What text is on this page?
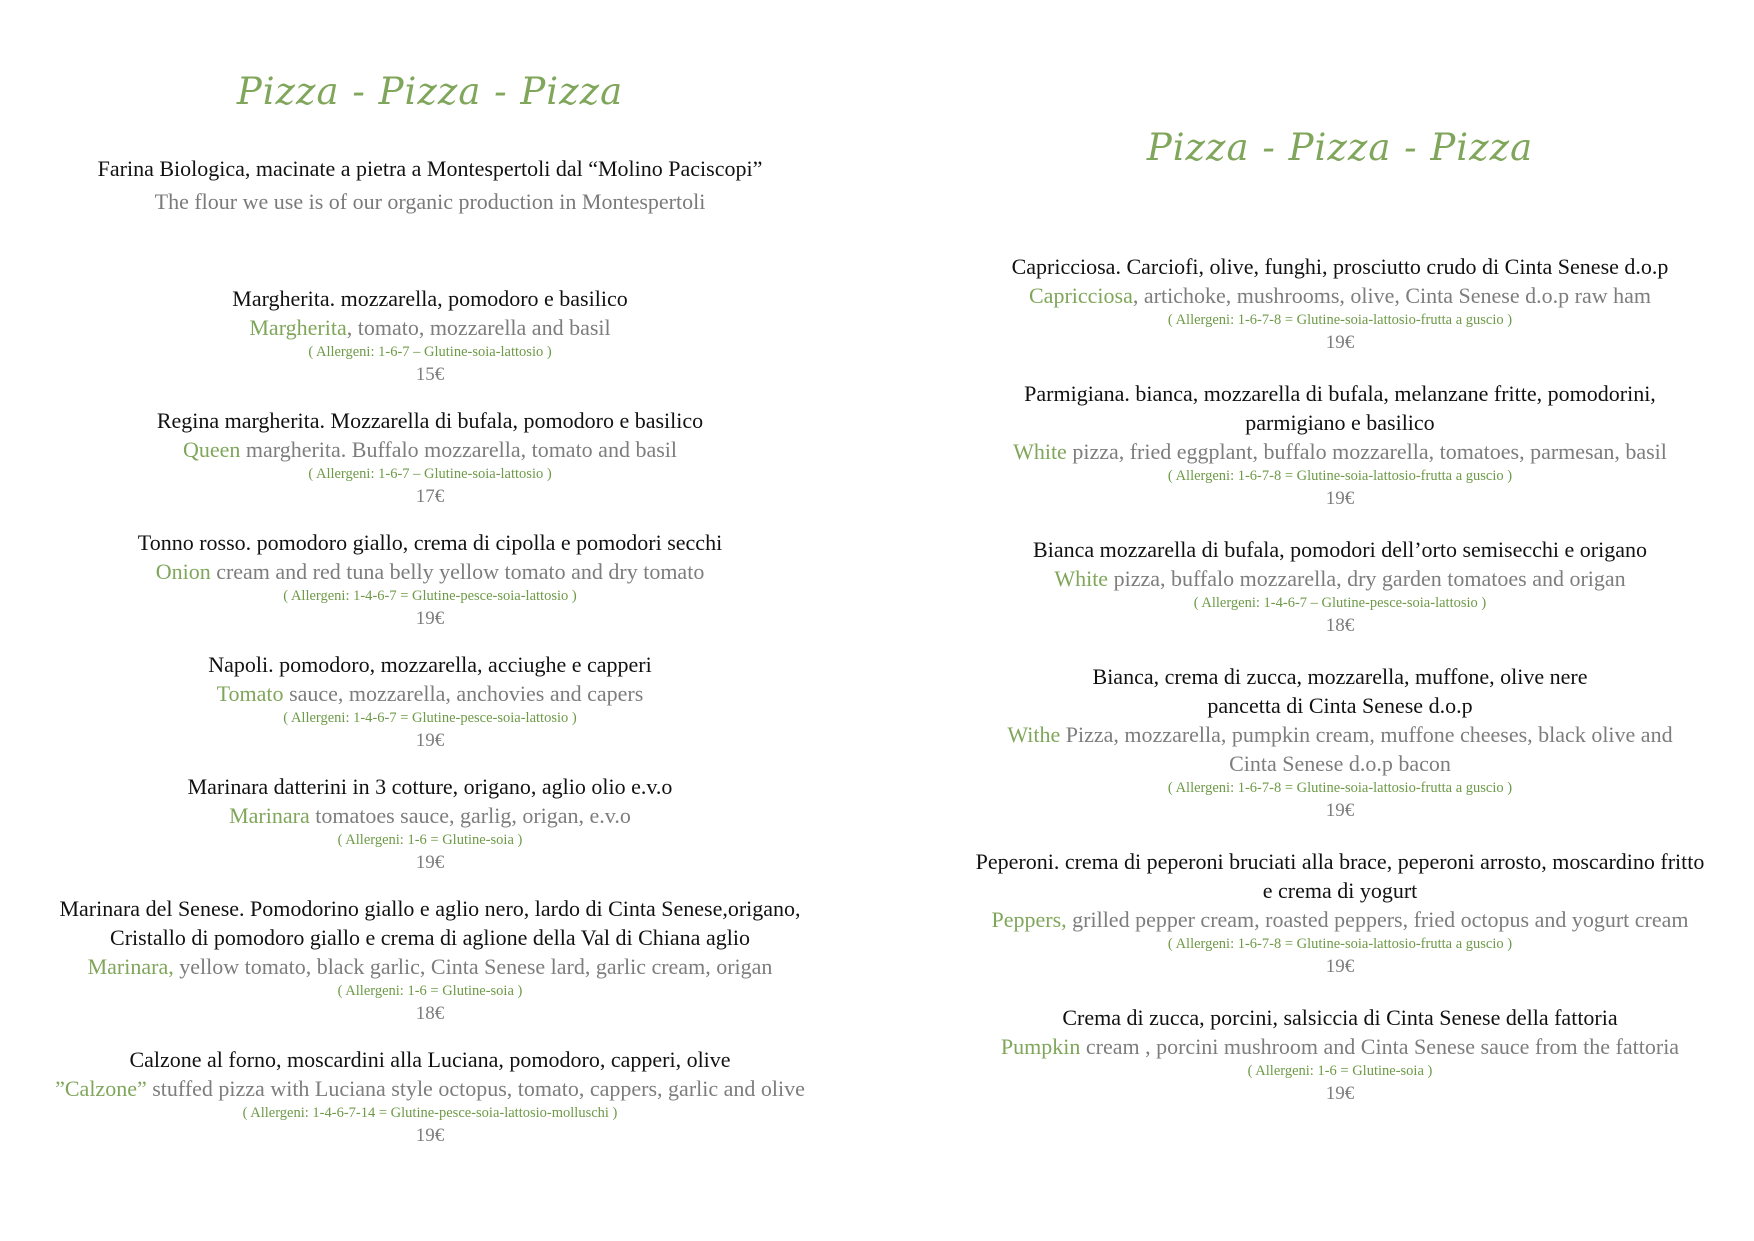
Pizza - Pizza - Pizza
Farina Biologica, macinate a pietra a Montespertoli dal “Molino Paciscopi”
The flour we use is of our organic production in Montespertoli
Margherita. mozzarella, pomodoro e basilico
Margherita, tomato, mozzarella and basil
( Allergeni: 1-6-7 – Glutine-soia-lattosio )
15€
Regina margherita. Mozzarella di bufala, pomodoro e basilico
Queen margherita. Buffalo mozzarella, tomato and basil
( Allergeni: 1-6-7 – Glutine-soia-lattosio )
17€
Tonno rosso. pomodoro giallo, crema di cipolla e pomodori secchi
Onion cream and red tuna belly yellow tomato and dry tomato
( Allergeni: 1-4-6-7 = Glutine-pesce-soia-lattosio )
19€
Napoli. pomodoro, mozzarella, acciughe e capperi
Tomato sauce, mozzarella, anchovies and capers
( Allergeni: 1-4-6-7 = Glutine-pesce-soia-lattosio )
19€
Marinara datterini in 3 cotture, origano, aglio olio e.v.o
Marinara tomatoes sauce, garlig, origan, e.v.o
( Allergeni: 1-6 = Glutine-soia )
19€
Marinara del Senese. Pomodorino giallo e aglio nero, lardo di Cinta Senese,origano,
Cristallo di pomodoro giallo e crema di aglione della Val di Chiana aglio
Marinara, yellow tomato, black garlic, Cinta Senese lard, garlic cream, origan
( Allergeni: 1-6 = Glutine-soia )
18€
Calzone al forno, moscardini alla Luciana, pomodoro, capperi, olive
”Calzone” stuffed pizza with Luciana style octopus, tomato, cappers, garlic and olive
( Allergeni: 1-4-6-7-14 = Glutine-pesce-soia-lattosio-molluschi )
19€
Pizza - Pizza - Pizza
Capricciosa. Carciofi, olive, funghi, prosciutto crudo di Cinta Senese d.o.p
Capricciosa, artichoke, mushrooms, olive, Cinta Senese d.o.p raw ham
( Allergeni: 1-6-7-8 = Glutine-soia-lattosio-frutta a guscio )
19€
Parmigiana. bianca, mozzarella di bufala, melanzane fritte, pomodorini,
parmigiano e basilico
White pizza, fried eggplant, buffalo mozzarella, tomatoes, parmesan, basil
( Allergeni: 1-6-7-8 = Glutine-soia-lattosio-frutta a guscio )
19€
Bianca mozzarella di bufala, pomodori dell’orto semisecchi e origano
White pizza, buffalo mozzarella, dry garden tomatoes and origan
( Allergeni: 1-4-6-7 – Glutine-pesce-soia-lattosio )
18€
Bianca, crema di zucca, mozzarella, muffone, olive nere
pancetta di Cinta Senese d.o.p
Withe Pizza, mozzarella, pumpkin cream, muffone cheeses, black olive and
Cinta Senese d.o.p bacon
( Allergeni: 1-6-7-8 = Glutine-soia-lattosio-frutta a guscio )
19€
Peperoni. crema di peperoni bruciati alla brace, peperoni arrosto, moscardino fritto
e crema di yogurt
Peppers, grilled pepper cream, roasted peppers, fried octopus and yogurt cream
( Allergeni: 1-6-7-8 = Glutine-soia-lattosio-frutta a guscio )
19€
Crema di zucca, porcini, salsiccia di Cinta Senese della fattoria
Pumpkin cream , porcini mushroom and Cinta Senese sauce from the fattoria
( Allergeni: 1-6 = Glutine-soia )
19€
